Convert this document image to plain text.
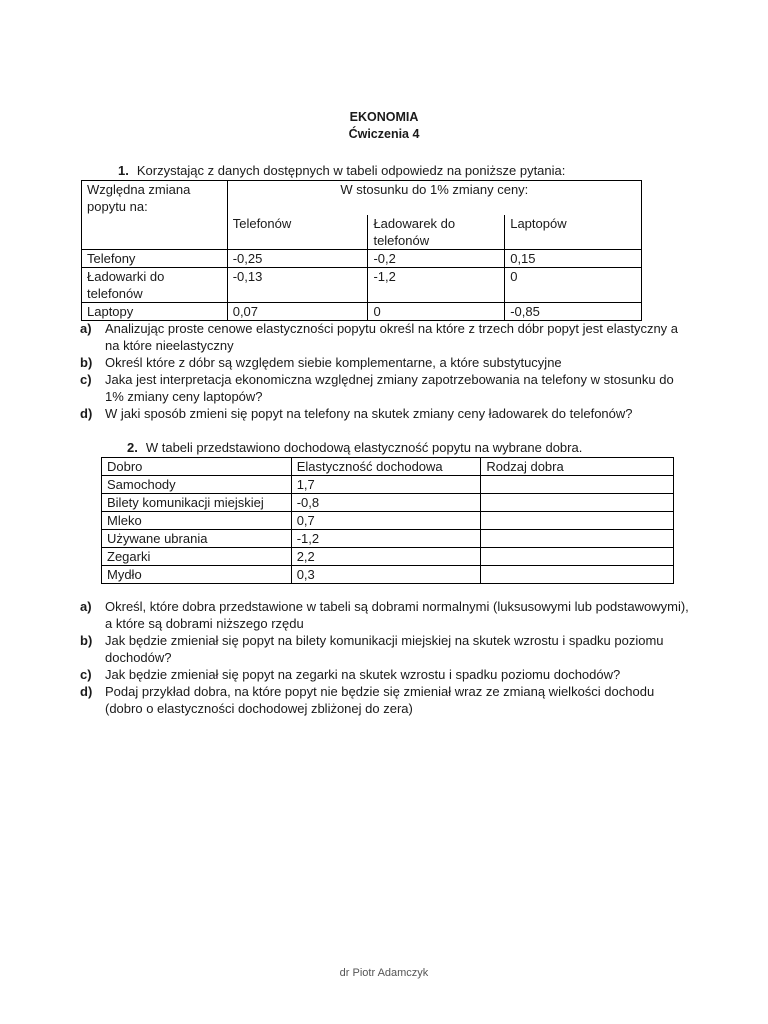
EKONOMIA
Ćwiczenia 4
1. Korzystając z danych dostępnych w tabeli odpowiedz na poniższe pytania:
Względna zmiana popytu na:	W stosunku do 1% zmiany ceny:		
	Telefonów	Ładowarek do telefonów	Laptopów
Telefony	-0,25	-0,2	0,15
Ładowarki do telefonów	-0,13	-1,2	0
Laptopy	0,07	0	-0,85
a) Analizując proste cenowe elastyczności popytu określ na które z trzech dóbr popyt jest elastyczny a na które nieelastyczny
b) Określ które z dóbr są względem siebie komplementarne, a które substytucyjne
c) Jaka jest interpretacja ekonomiczna względnej zmiany zapotrzebowania na telefony w stosunku do 1% zmiany ceny laptopów?
d) W jaki sposób zmieni się popyt na telefony na skutek zmiany ceny ładowarek do telefonów?
2. W tabeli przedstawiono dochodową elastyczność popytu na wybrane dobra.
Dobro	Elastyczność dochodowa	Rodzaj dobra
Samochody	1,7	
Bilety komunikacji miejskiej	-0,8	
Mleko	0,7	
Używane ubrania	-1,2	
Zegarki	2,2	
Mydło	0,3	
a) Określ, które dobra przedstawione w tabeli są dobrami normalnymi (luksusowymi lub podstawowymi), a które są dobrami niższego rzędu
b) Jak będzie zmieniał się popyt na bilety komunikacji miejskiej na skutek wzrostu i spadku poziomu dochodów?
c) Jak będzie zmieniał się popyt na zegarki na skutek wzrostu i spadku poziomu dochodów?
d) Podaj przykład dobra, na które popyt nie będzie się zmieniał wraz ze zmianą wielkości dochodu (dobro o elastyczności dochodowej zbliżonej do zera)
dr Piotr Adamczyk
